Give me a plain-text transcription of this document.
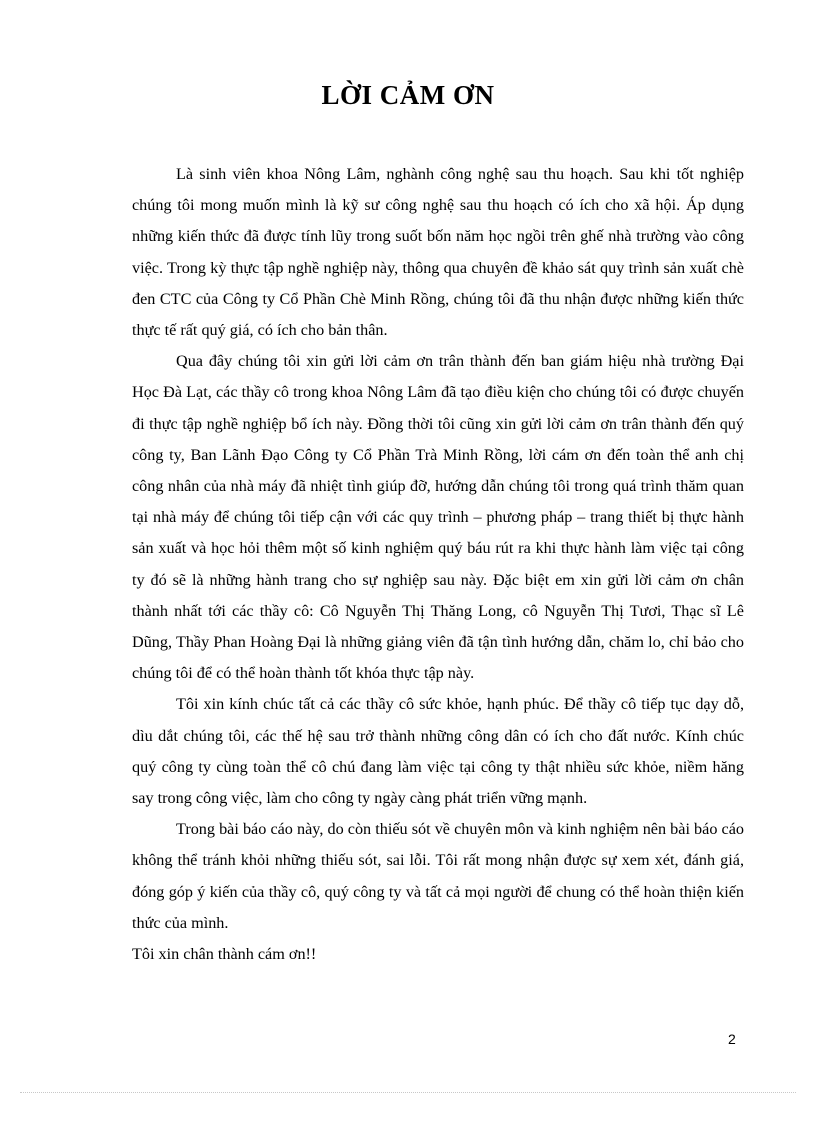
LỜI CẢM ƠN

Là sinh viên khoa Nông Lâm, nghành công nghệ sau thu hoạch. Sau khi tốt nghiệp chúng tôi mong muốn mình là kỹ sư công nghệ sau thu hoạch có ích cho xã hội. Áp dụng những kiến thức đã được tính lũy trong suốt bốn năm học ngồi trên ghế nhà trường vào công việc. Trong kỳ thực tập nghề nghiệp này, thông qua chuyên đề khảo sát quy trình sản xuất chè đen CTC của Công ty Cổ Phần Chè Minh Rồng, chúng tôi đã thu nhận được những kiến thức thực tế rất quý giá, có ích cho bản thân.

Qua đây chúng tôi xin gửi lời cảm ơn trân thành đến ban giám hiệu nhà trường Đại Học Đà Lạt, các thầy cô trong khoa Nông Lâm đã tạo điều kiện cho chúng tôi có được chuyến đi thực tập nghề nghiệp bổ ích này. Đồng thời tôi cũng xin gửi lời cảm ơn trân thành đến quý công ty, Ban Lãnh Đạo Công ty Cổ Phần Trà Minh Rồng, lời cám ơn đến toàn thể anh chị công nhân của nhà máy đã nhiệt tình giúp đỡ, hướng dẫn chúng tôi trong quá trình thăm quan tại nhà máy để chúng tôi tiếp cận với các quy trình – phương pháp – trang thiết bị thực hành sản xuất và học hỏi thêm một số kinh nghiệm quý báu rút ra khi thực hành làm việc tại công ty đó sẽ là những hành trang cho sự nghiệp sau này. Đặc biệt em xin gửi lời cảm ơn chân thành nhất tới các thầy cô: Cô Nguyễn Thị Thăng Long, cô Nguyễn Thị Tươi, Thạc sĩ Lê Dũng, Thầy Phan Hoàng Đại là những giảng viên đã tận tình hướng dẫn, chăm lo, chỉ bảo cho chúng tôi để có thể hoàn thành tốt khóa thực tập này.

Tôi xin kính chúc tất cả các thầy cô sức khỏe, hạnh phúc. Để thầy cô tiếp tục dạy dỗ, dìu dắt chúng tôi, các thế hệ sau trở thành những công dân có ích cho đất nước. Kính chúc quý công ty cùng toàn thể cô chú đang làm việc tại công ty thật nhiều sức khỏe, niềm hăng say trong công việc, làm cho công ty ngày càng phát triển vững mạnh.

Trong bài báo cáo này, do còn thiếu sót về chuyên môn và kinh nghiệm nên bài báo cáo không thể tránh khỏi những thiếu sót, sai lỗi. Tôi rất mong nhận được sự xem xét, đánh giá, đóng góp ý kiến của thầy cô, quý công ty và tất cả mọi người để chung có thể hoàn thiện kiến thức của mình.

Tôi xin chân thành cám ơn!!

2
